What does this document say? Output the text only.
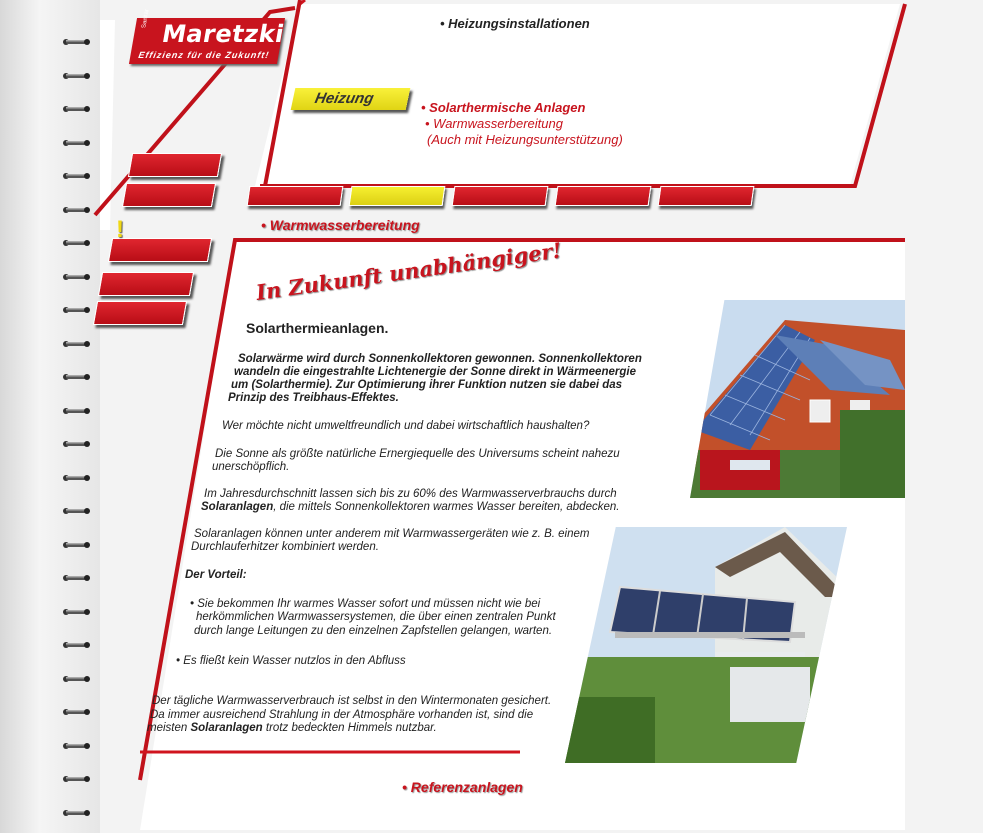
Maretzki
Sanitär
Effizienz für die Zukunft!
• Heizungsinstallationen
Heizung
• Solarthermische Anlagen
• Warmwasserbereitung
(Auch mit Heizungsunterstützung)
!	• Warmwasserbereitung
In Zukunft unabhängiger!
Solarthermieanlagen.
Solarwärme wird durch Sonnenkollektoren gewonnen. Sonnenkollektoren
wandeln die eingestrahlte Lichtenergie der Sonne direkt in Wärmeenergie
um (Solarthermie). Zur Optimierung ihrer Funktion nutzen sie dabei das
Prinzip des Treibhaus-Effektes.
Wer möchte nicht umweltfreundlich und dabei wirtschaftlich haushalten?
Die Sonne als größte natürliche Ernergiequelle des Universums scheint nahezu
unerschöpflich.
Im Jahresdurchschnitt lassen sich bis zu 60% des Warmwasserverbrauchs durch
Solaranlagen, die mittels Sonnenkollektoren warmes Wasser bereiten, abdecken.
Solaranlagen können unter anderem mit Warmwassergeräten wie z. B. einem
Durchlauferhitzer kombiniert werden.
Der Vorteil:
• Sie bekommen Ihr warmes Wasser sofort und müssen nicht wie bei
herkömmlichen Warmwassersystemen, die über einen zentralen Punkt
durch lange Leitungen zu den einzelnen Zapfstellen gelangen, warten.
• Es fließt kein Wasser nutzlos in den Abfluss
Der tägliche Warmwasserverbrauch ist selbst in den Wintermonaten gesichert.
Da immer ausreichend Strahlung in der Atmosphäre vorhanden ist, sind die
meisten Solaranlagen trotz bedeckten Himmels nutzbar.
• Referenzanlagen
